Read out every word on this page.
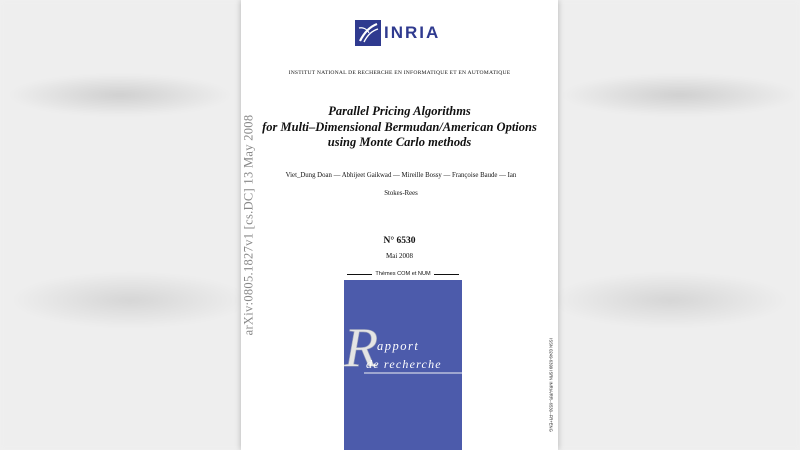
arXiv:0805.1827v1 [cs.DC] 13 May 2008
INRIA
INSTITUT NATIONAL DE RECHERCHE EN INFORMATIQUE ET EN AUTOMATIQUE
Parallel Pricing Algorithms
for Multi–Dimensional Bermudan/American Options
using Monte Carlo methods
Viet_Dung Doan — Abhijeet Gaikwad — Mireille Bossy — Françoise Baude — Ian
Stokes-Rees
N° 6530
Mai 2008
Thèmes COM et NUM
R
apport
de recherche	ISSN 0249-6399 ISRN INRIA/RR--6530--FR+ENG
